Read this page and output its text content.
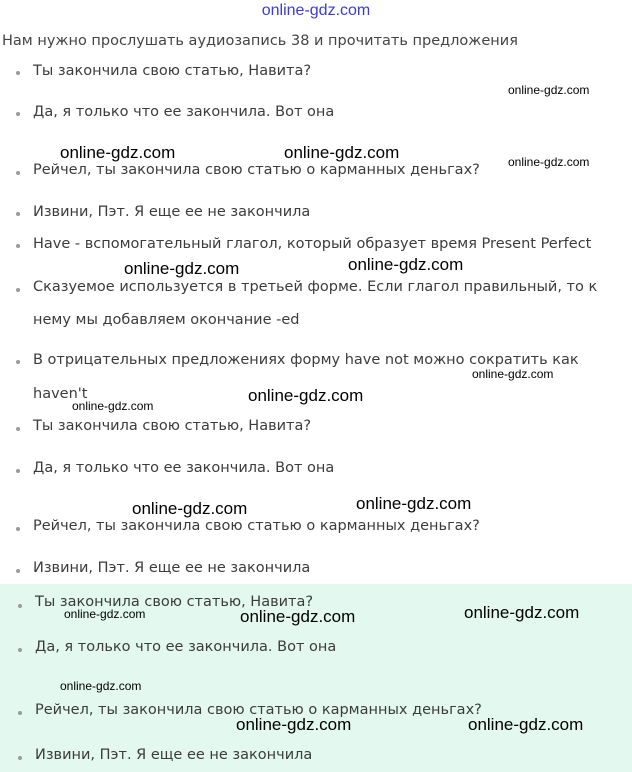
online-gdz.com
Нам нужно прослушать аудиозапись 38 и прочитать предложения
Ты закончила свою статью, Навита?
Да, я только что ее закончила. Вот она
Рейчел, ты закончила свою статью о карманных деньгах?
Извини, Пэт. Я еще ее не закончила
Have - вспомогательный глагол, который образует время Present Perfect
Сказуемое используется в третьей форме. Если глагол правильный, то к
нему мы добавляем окончание -ed
В отрицательных предложениях форму have not можно сократить как
haven't
Ты закончила свою статью, Навита?
Да, я только что ее закончила. Вот она
Рейчел, ты закончила свою статью о карманных деньгах?
Извини, Пэт. Я еще ее не закончила
Ты закончила свою статью, Навита?
Да, я только что ее закончила. Вот она
Рейчел, ты закончила свою статью о карманных деньгах?
Извини, Пэт. Я еще ее не закончила
online-gdz.com
online-gdz.com	online-gdz.com	online-gdz.com
online-gdz.com	online-gdz.com
online-gdz.com
online-gdz.com
online-gdz.com
online-gdz.com	online-gdz.com
online-gdz.com	online-gdz.com	online-gdz.com
online-gdz.com
online-gdz.com	online-gdz.com
